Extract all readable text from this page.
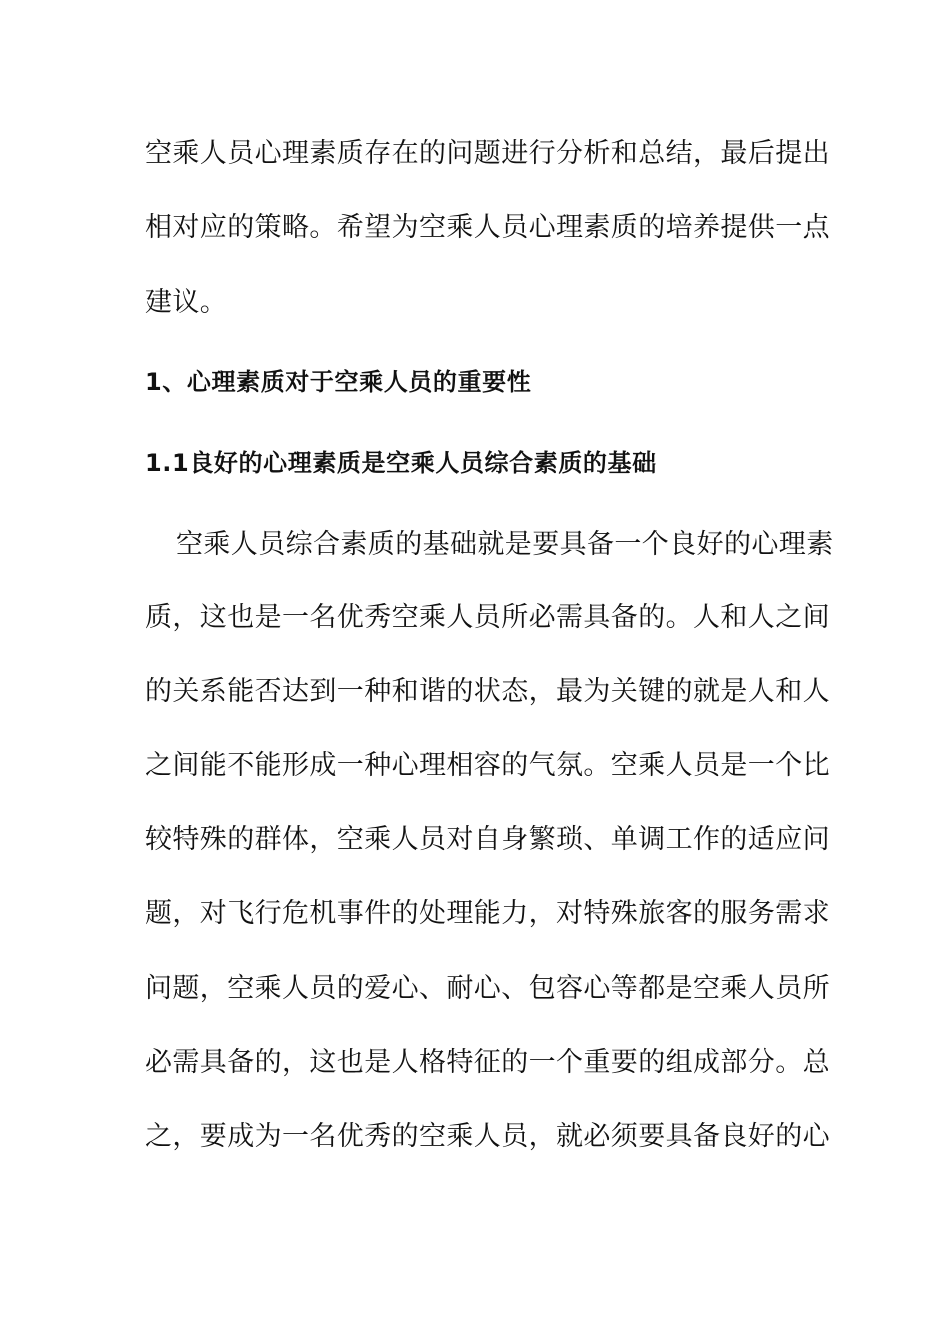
空乘人员心理素质存在的问题进行分析和总结，最后提出
相对应的策略。希望为空乘人员心理素质的培养提供一点
建议。
1、心理素质对于空乘人员的重要性
1.1良好的心理素质是空乘人员综合素质的基础
空乘人员综合素质的基础就是要具备一个良好的心理素
质，这也是一名优秀空乘人员所必需具备的。人和人之间
的关系能否达到一种和谐的状态，最为关键的就是人和人
之间能不能形成一种心理相容的气氛。空乘人员是一个比
较特殊的群体，空乘人员对自身繁琐、单调工作的适应问
题，对飞行危机事件的处理能力，对特殊旅客的服务需求
问题，空乘人员的爱心、耐心、包容心等都是空乘人员所
必需具备的，这也是人格特征的一个重要的组成部分。总
之，要成为一名优秀的空乘人员，就必须要具备良好的心
